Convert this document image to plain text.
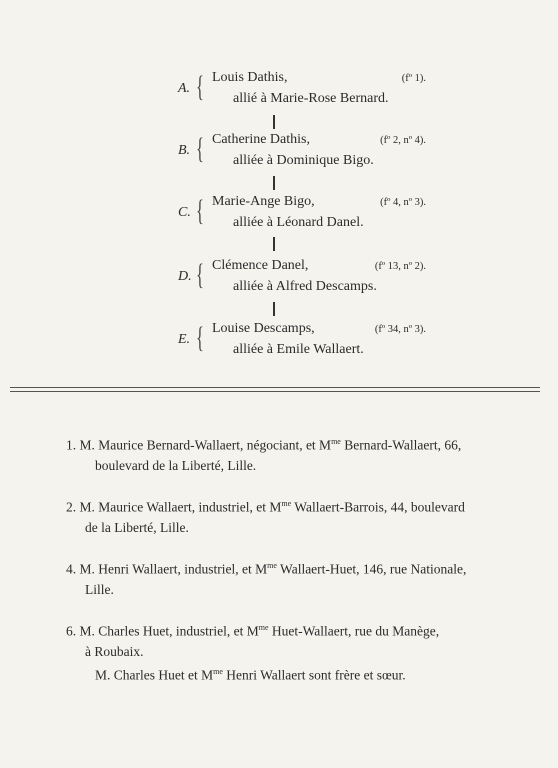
A. { Louis Dathis,	(fº 1).
allié à Marie-Rose Bernard.
B. { Catherine Dathis,	(fº 2, nº 4).
alliée à Dominique Bigo.
C. { Marie-Ange Bigo,	(fº 4, nº 3).
alliée à Léonard Danel.
D. { Clémence Danel,	(fº 13, nº 2).
alliée à Alfred Descamps.
E. { Louise Descamps,	(fº 34, nº 3).
alliée à Emile Wallaert.
1. M. Maurice Bernard-Wallaert, négociant, et $M^{me}$ Bernard-Wallaert, 66,
boulevard de la Liberté, Lille.
2. M. Maurice Wallaert, industriel, et $M^{me}$ Wallaert-Barrois, 44, boulevard
de la Liberté, Lille.
4. M. Henri Wallaert, industriel, et $M^{me}$ Wallaert-Huet, 146, rue Nationale,
Lille.
6. M. Charles Huet, industriel, et $M^{me}$ Huet-Wallaert, rue du Manège,
à Roubaix.
M. Charles Huet et $M^{me}$ Henri Wallaert sont frère et sœur.
